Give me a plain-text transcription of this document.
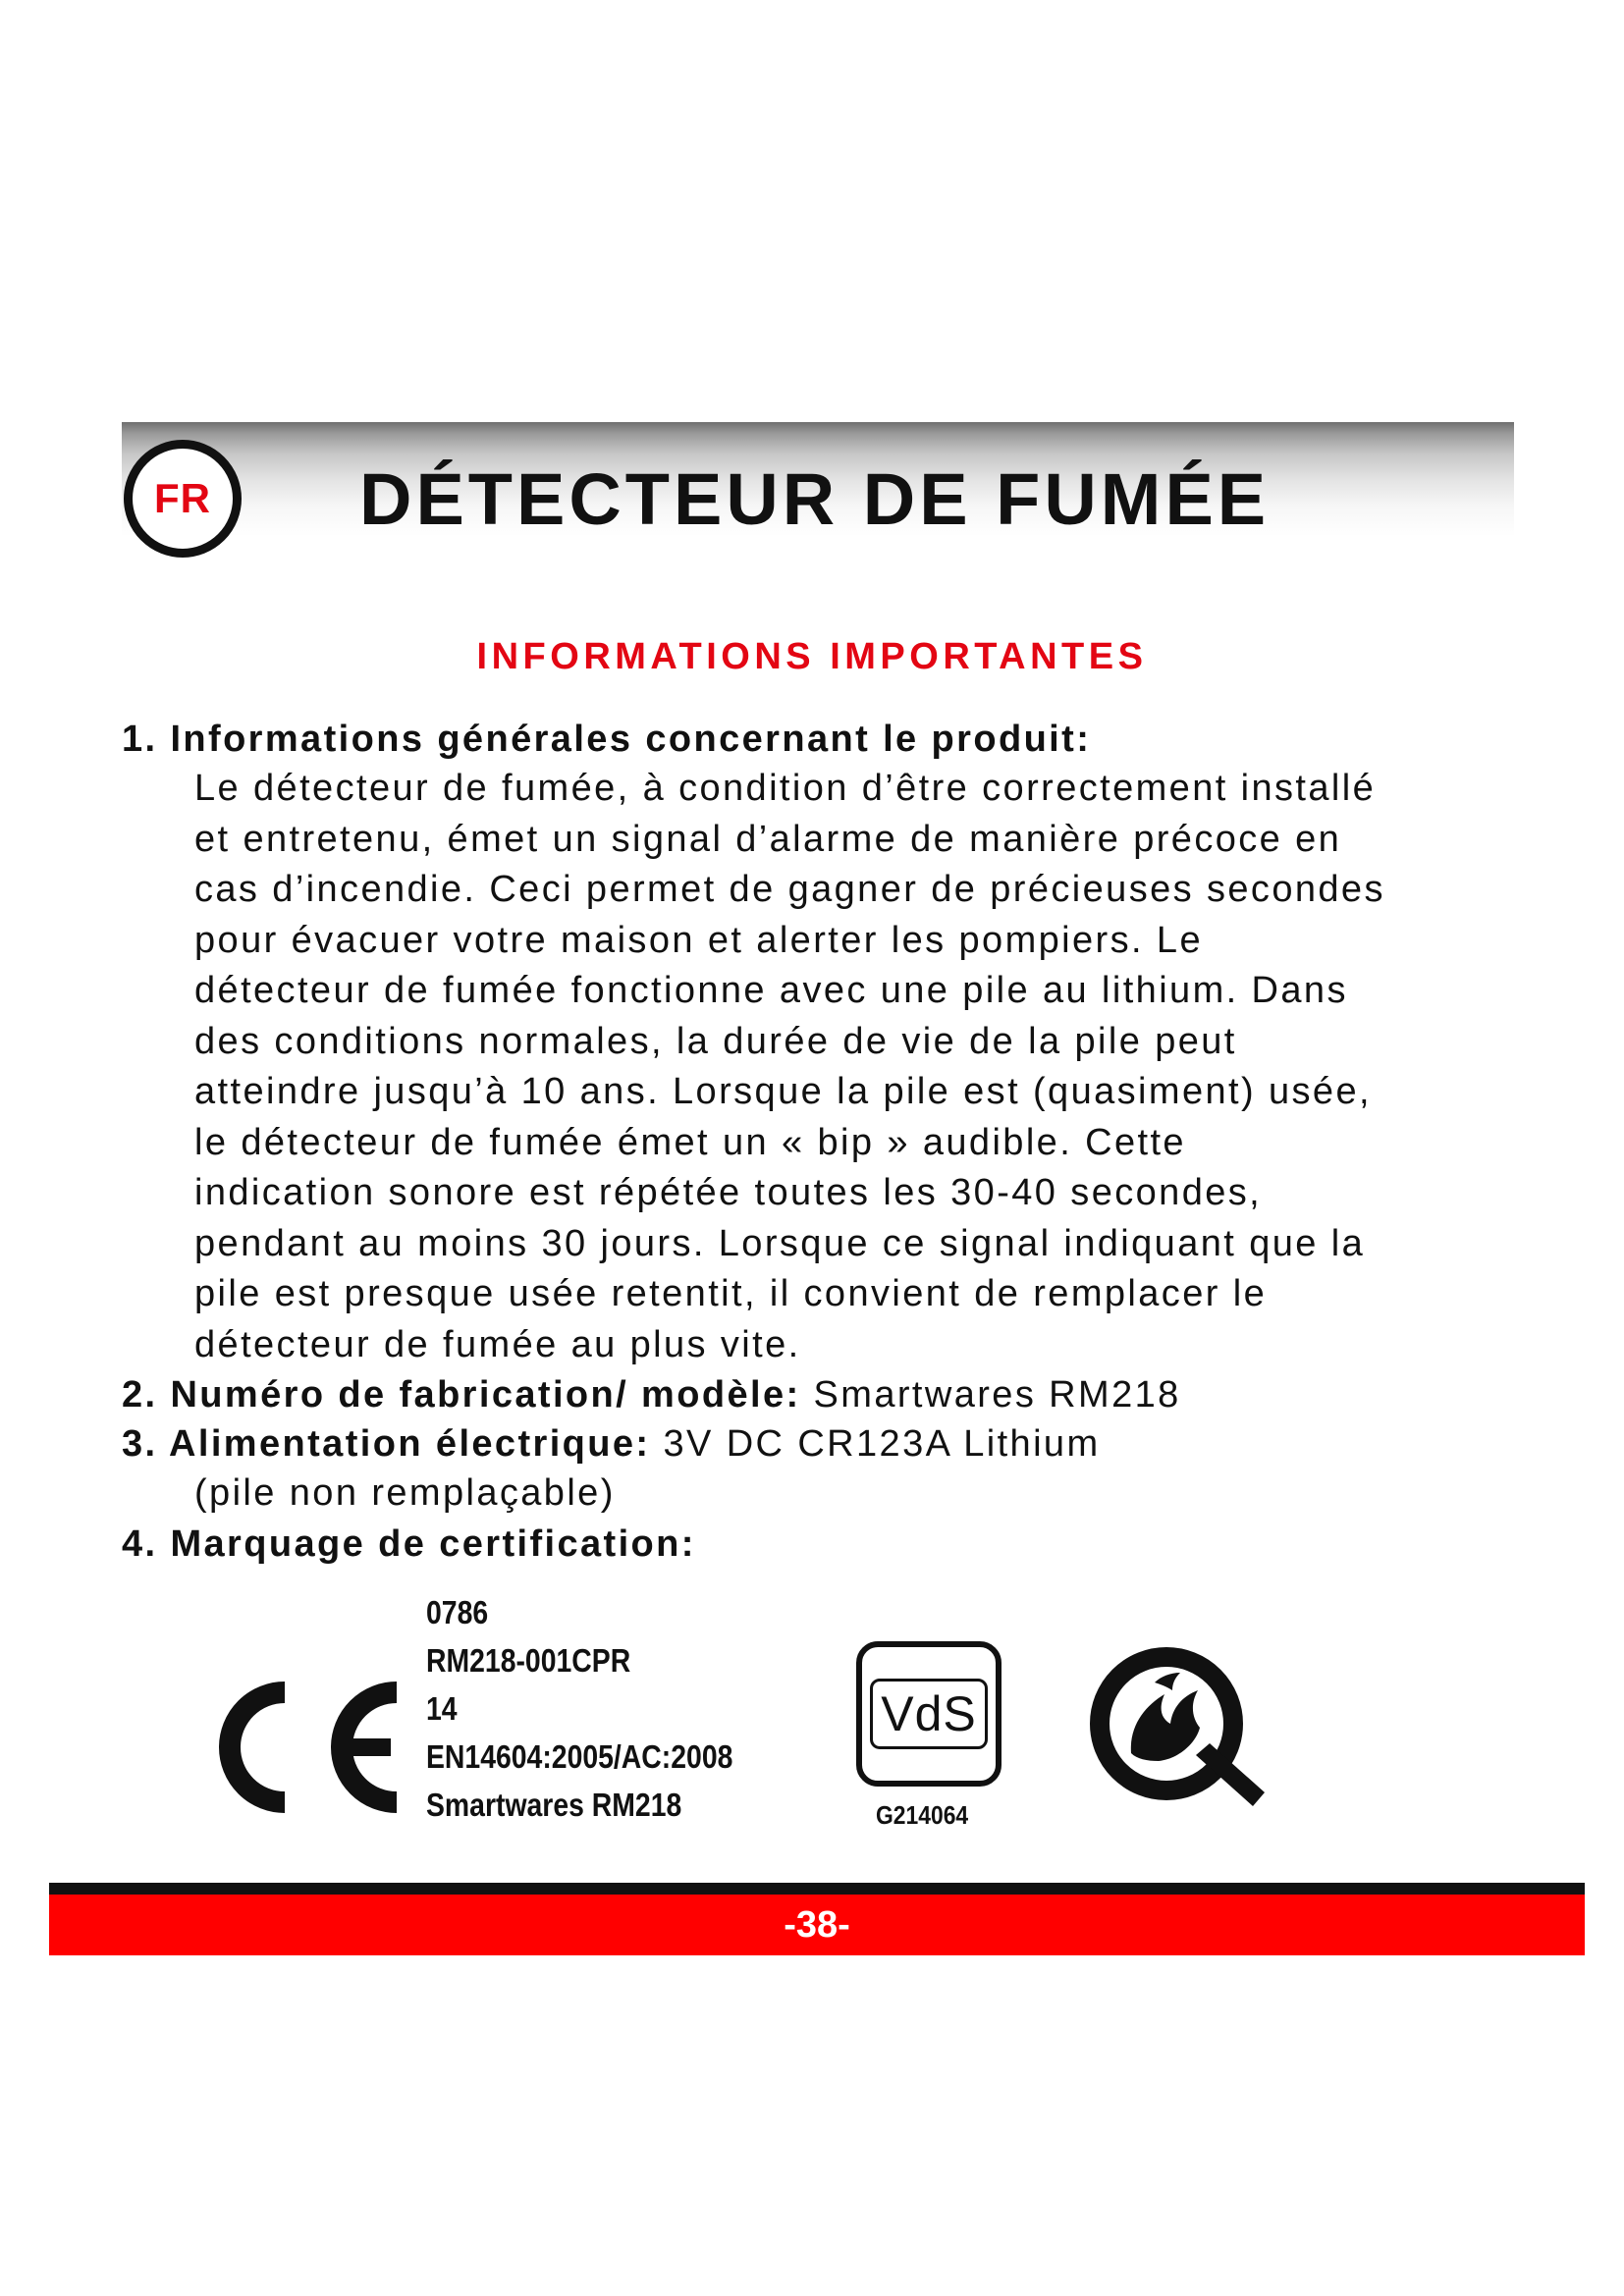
FR DÉTECTEUR DE FUMÉE
INFORMATIONS IMPORTANTES
1. Informations générales concernant le produit:
Le détecteur de fumée, à condition d’être correctement installé
et entretenu, émet un signal d’alarme de manière précoce en
cas d’incendie. Ceci permet de gagner de précieuses secondes
pour évacuer votre maison et alerter les pompiers. Le
détecteur de fumée fonctionne avec une pile au lithium. Dans
des conditions normales, la durée de vie de la pile peut
atteindre jusqu’à 10 ans. Lorsque la pile est (quasiment) usée,
le détecteur de fumée émet un « bip » audible. Cette
indication sonore est répétée toutes les 30-40 secondes,
pendant au moins 30 jours. Lorsque ce signal indiquant que la
pile est presque usée retentit, il convient de remplacer le
détecteur de fumée au plus vite.
2. Numéro de fabrication/ modèle: Smartwares RM218
3. Alimentation électrique: 3V DC CR123A Lithium
(pile non remplaçable)
4. Marquage de certification:
0786
RM218-001CPR
14
EN14604:2005/AC:2008
Smartwares RM218
VdS
G214064
-38-
